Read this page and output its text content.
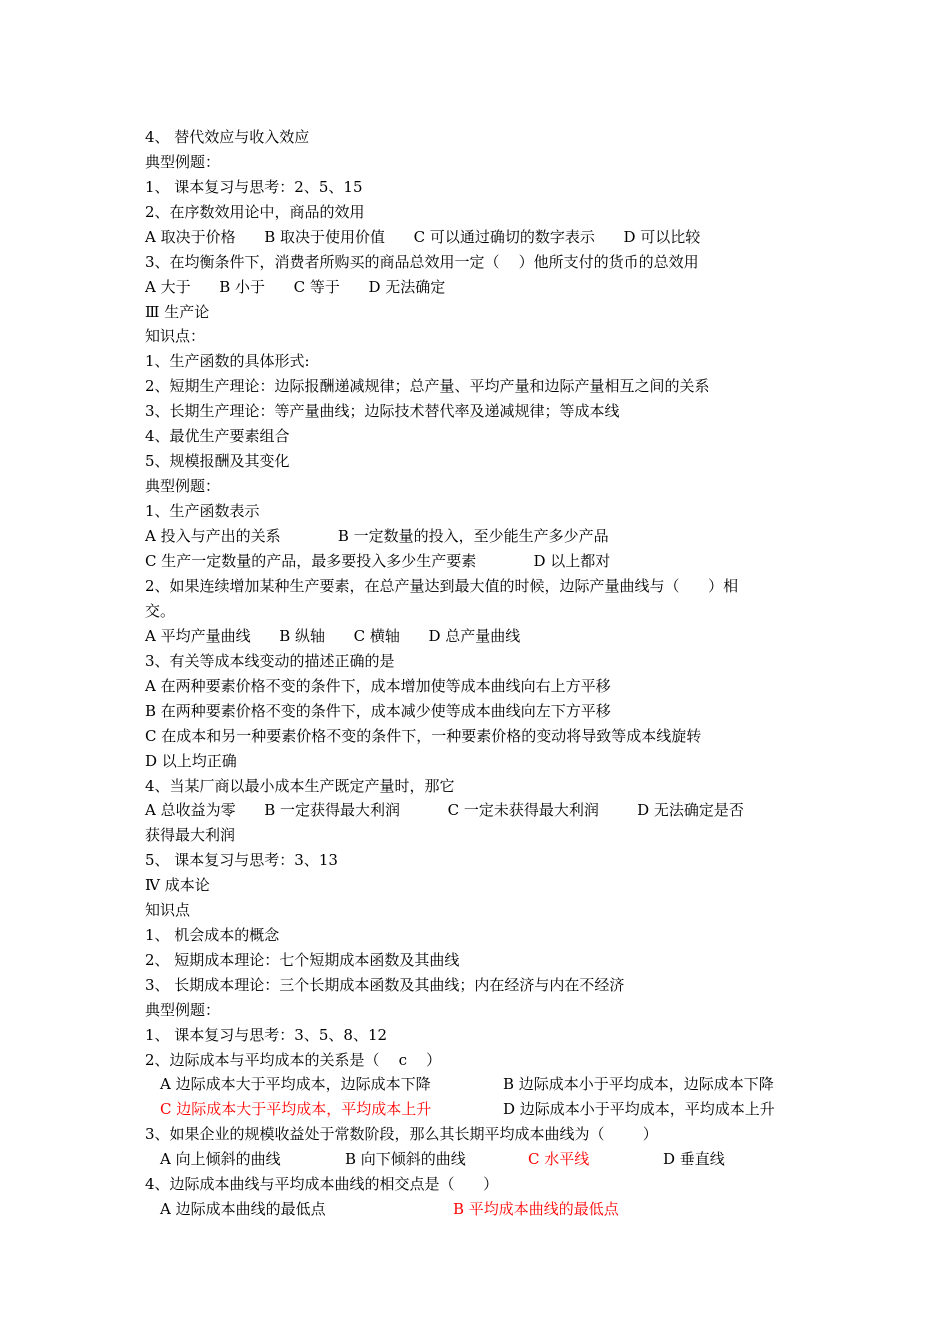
4、 替代效应与收入效应
典型例题：
1、 课本复习与思考：2、5、15
2、在序数效用论中，商品的效用
A 取决于价格      B 取决于使用价值      C 可以通过确切的数字表示      D 可以比较
3、在均衡条件下，消费者所购买的商品总效用一定（    ）他所支付的货币的总效用
A 大于      B 小于      C 等于      D 无法确定
Ⅲ 生产论
知识点：
1、生产函数的具体形式:
2、短期生产理论：边际报酬递减规律；总产量、平均产量和边际产量相互之间的关系
3、长期生产理论：等产量曲线；边际技术替代率及递减规律；等成本线
4、最优生产要素组合
5、规模报酬及其变化
典型例题：
1、生产函数表示
A 投入与产出的关系            B 一定数量的投入，至少能生产多少产品
C 生产一定数量的产品，最多要投入多少生产要素            D 以上都对
2、如果连续增加某种生产要素，在总产量达到最大值的时候，边际产量曲线与（      ）相
交。
A 平均产量曲线      B 纵轴      C 横轴      D 总产量曲线
3、有关等成本线变动的描述正确的是
A 在两种要素价格不变的条件下，成本增加使等成本曲线向右上方平移
B 在两种要素价格不变的条件下，成本减少使等成本曲线向左下方平移
C 在成本和另一种要素价格不变的条件下，一种要素价格的变动将导致等成本线旋转
D 以上均正确
4、当某厂商以最小成本生产既定产量时，那它
A 总收益为零      B 一定获得最大利润          C 一定未获得最大利润        D 无法确定是否
获得最大利润
5、 课本复习与思考：3、13
Ⅳ 成本论
知识点
1、 机会成本的概念
2、 短期成本理论：七个短期成本函数及其曲线
3、 长期成本理论：三个长期成本函数及其曲线；内在经济与内在不经济
典型例题：
1、 课本复习与思考：3、5、8、12
2、边际成本与平均成本的关系是（    c    ）
A 边际成本大于平均成本，边际成本下降	B 边际成本小于平均成本，边际成本下降
C 边际成本大于平均成本，平均成本上升	D 边际成本小于平均成本，平均成本上升
3、如果企业的规模收益处于常数阶段，那么其长期平均成本曲线为（        ）
A 向上倾斜的曲线	B 向下倾斜的曲线	C 水平线	D 垂直线
4、边际成本曲线与平均成本曲线的相交点是（      ）
A 边际成本曲线的最低点	B 平均成本曲线的最低点
